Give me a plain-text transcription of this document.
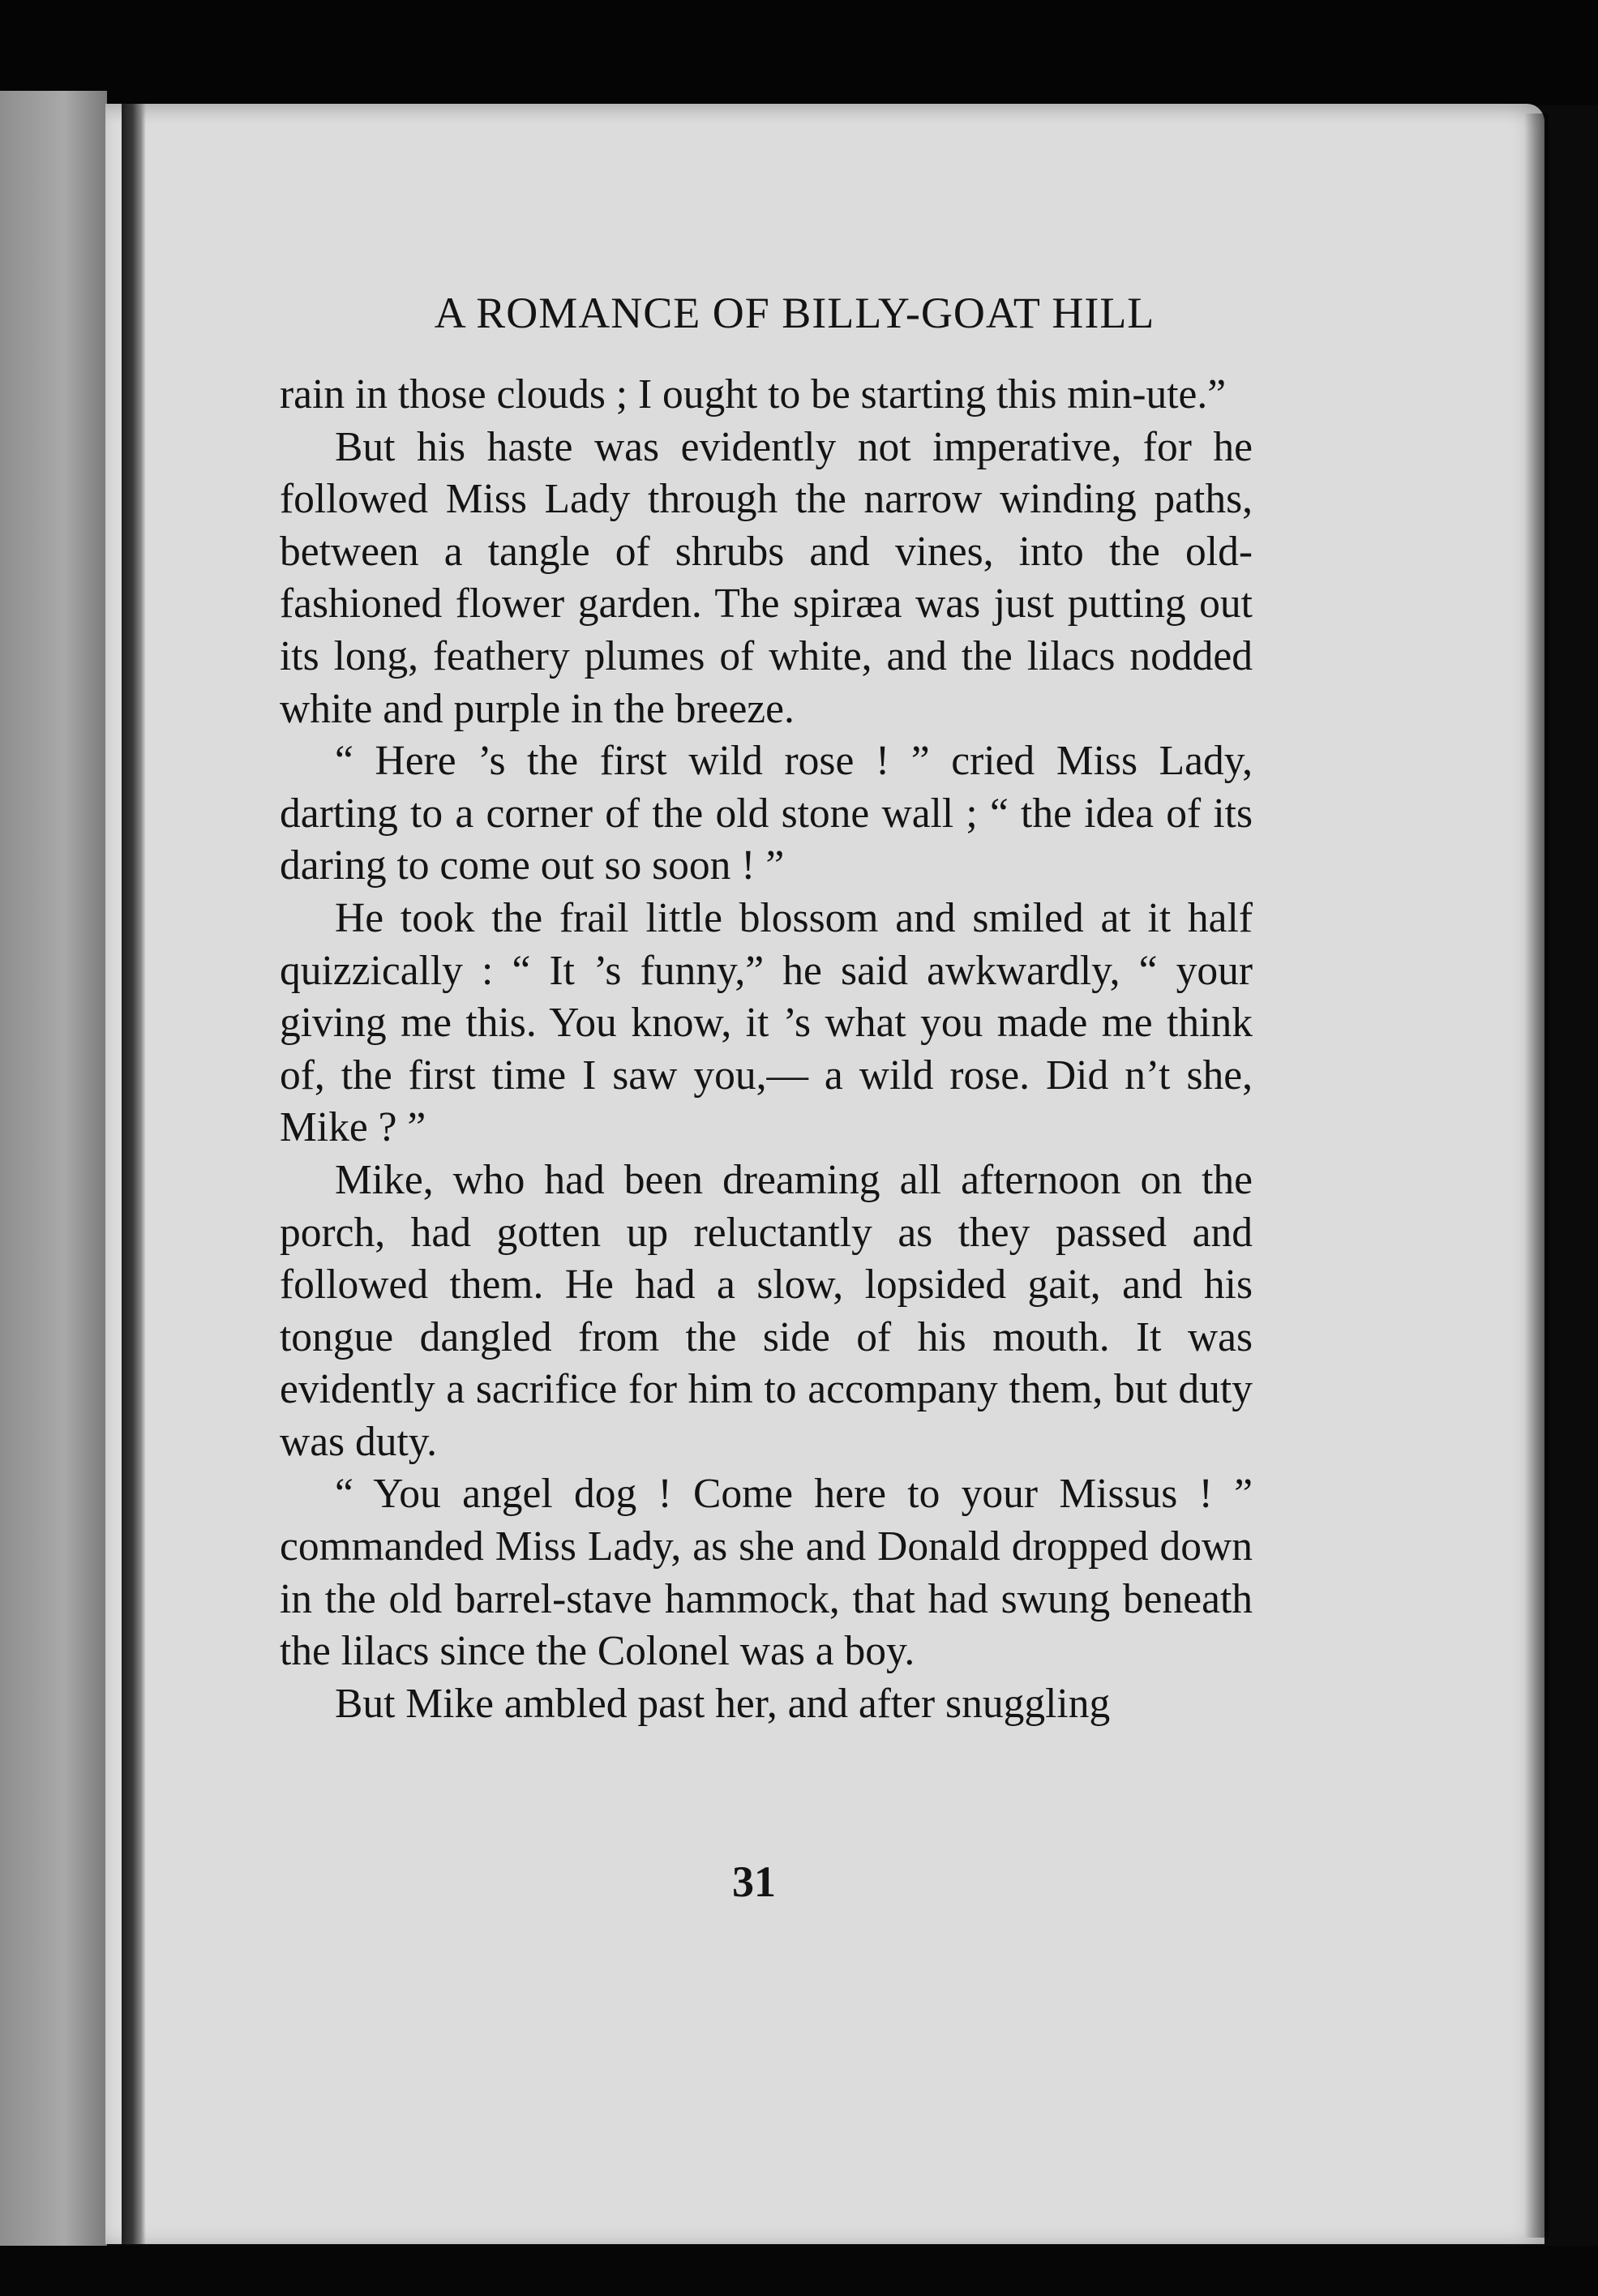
A ROMANCE OF BILLY-GOAT HILL

rain in those clouds ; I ought to be starting this min-ute.”

But his haste was evidently not imperative, for he followed Miss Lady through the narrow winding paths, between a tangle of shrubs and vines, into the old-fashioned flower garden. The spiræa was just putting out its long, feathery plumes of white, and the lilacs nodded white and purple in the breeze.

“ Here ’s the first wild rose ! ” cried Miss Lady, darting to a corner of the old stone wall ; “ the idea of its daring to come out so soon ! ”

He took the frail little blossom and smiled at it half quizzically : “ It ’s funny,” he said awkwardly, “ your giving me this. You know, it ’s what you made me think of, the first time I saw you,— a wild rose. Did n’t she, Mike ? ”

Mike, who had been dreaming all afternoon on the porch, had gotten up reluctantly as they passed and followed them. He had a slow, lopsided gait, and his tongue dangled from the side of his mouth. It was evidently a sacrifice for him to accompany them, but duty was duty.

“ You angel dog ! Come here to your Missus ! ” commanded Miss Lady, as she and Donald dropped down in the old barrel-stave hammock, that had swung beneath the lilacs since the Colonel was a boy.

But Mike ambled past her, and after snuggling

31
